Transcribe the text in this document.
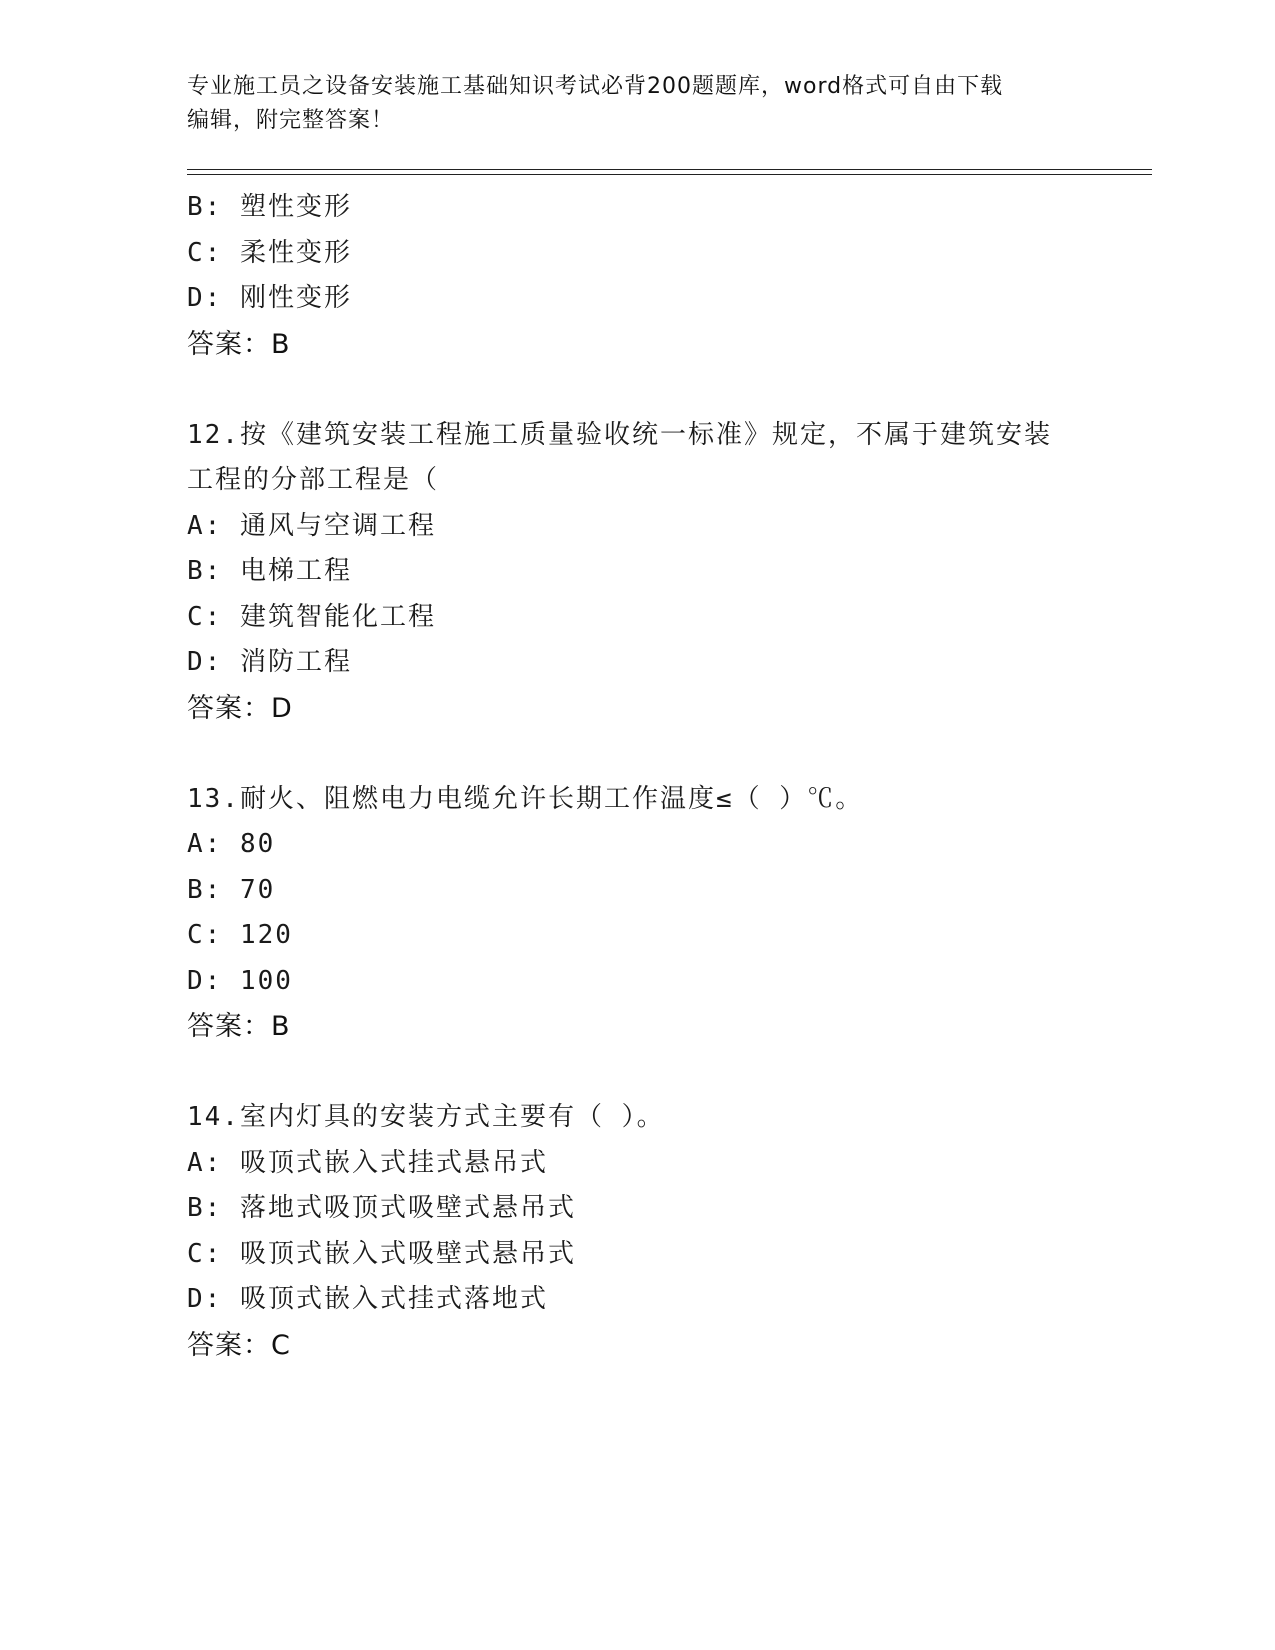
专业施工员之设备安装施工基础知识考试必背200题题库，word格式可自由下载
编辑，附完整答案！
B: 塑性变形
C: 柔性变形
D: 刚性变形
答案：B
12.按《建筑安装工程施工质量验收统一标准》规定，不属于建筑安装
工程的分部工程是（
A: 通风与空调工程
B: 电梯工程
C: 建筑智能化工程
D: 消防工程
答案：D
13.耐火、阻燃电力电缆允许长期工作温度≤（ ）℃。
A: 80
B: 70
C: 120
D: 100
答案：B
14.室内灯具的安装方式主要有（ ）。
A: 吸顶式嵌入式挂式悬吊式
B: 落地式吸顶式吸壁式悬吊式
C: 吸顶式嵌入式吸壁式悬吊式
D: 吸顶式嵌入式挂式落地式
答案：C
